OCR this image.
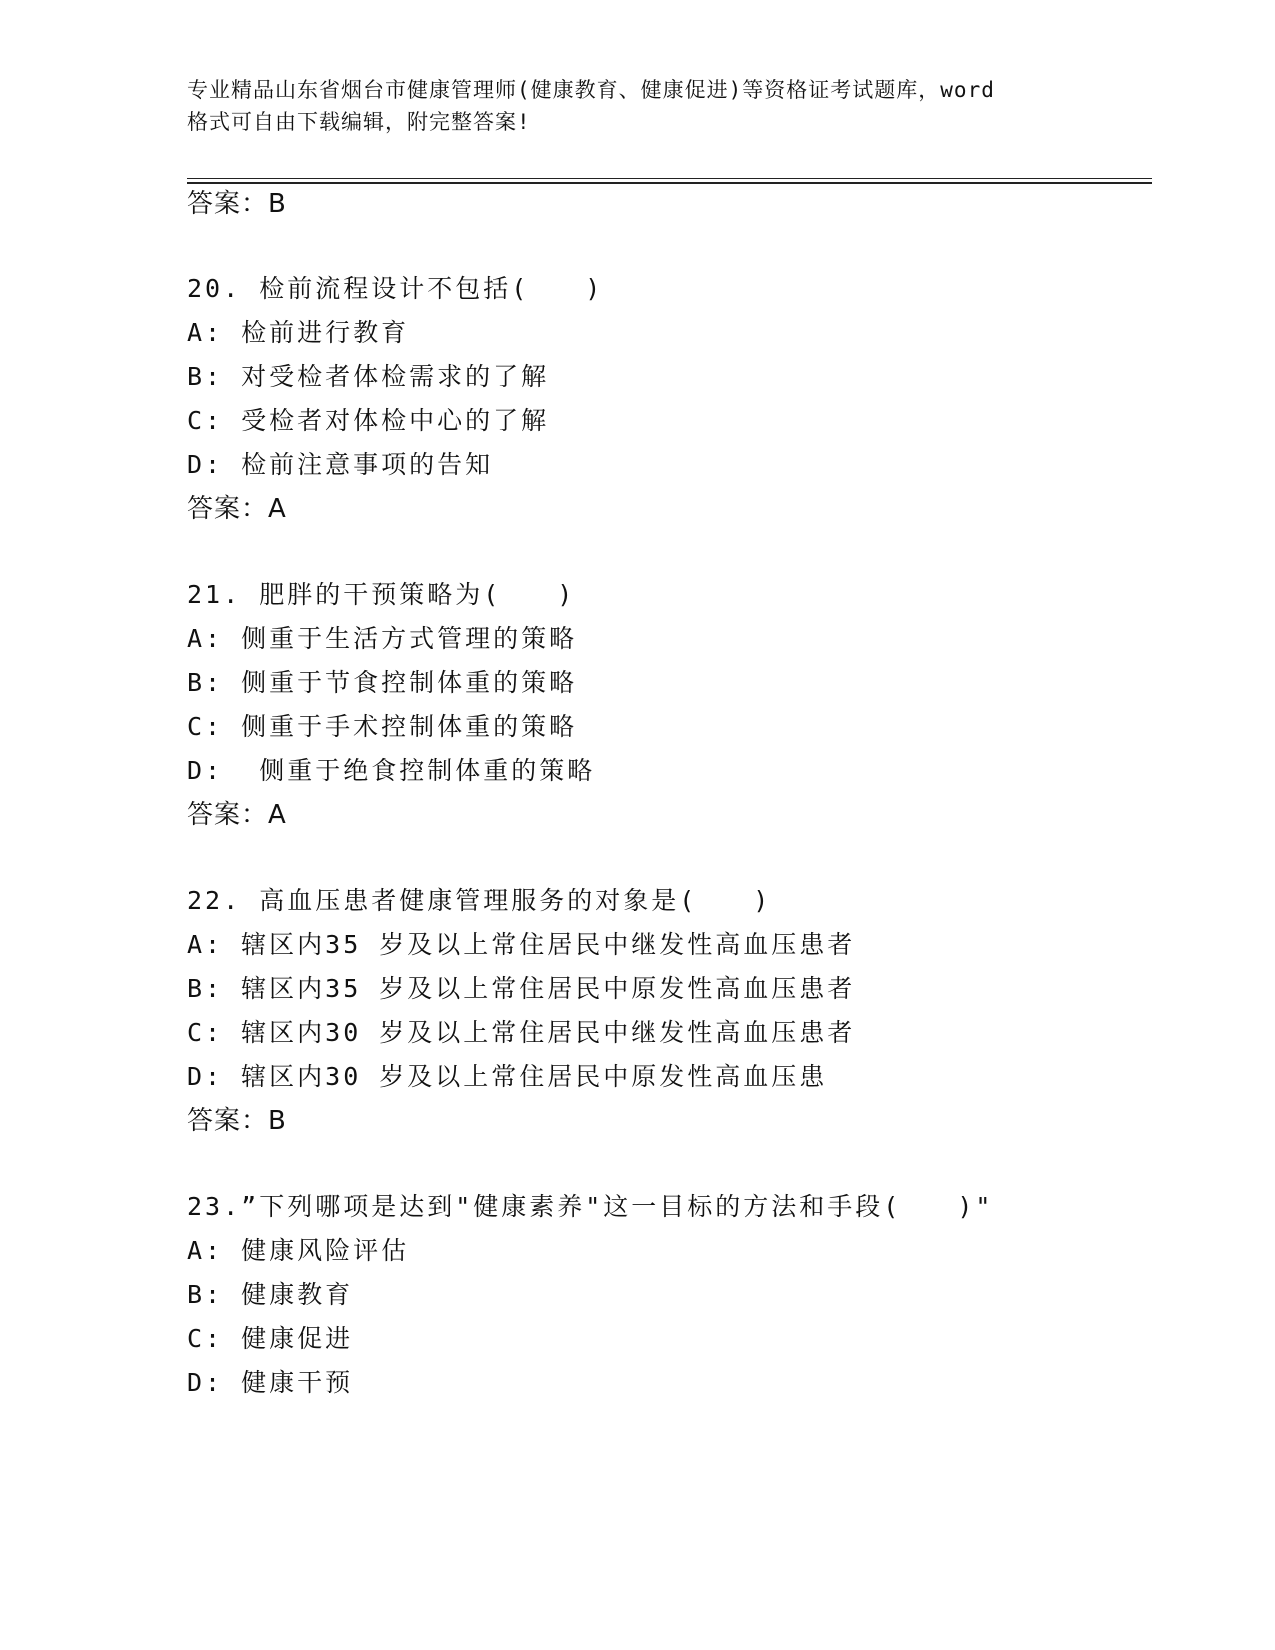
专业精品山东省烟台市健康管理师(健康教育、健康促进)等资格证考试题库，word
格式可自由下载编辑，附完整答案!
答案：B
20. 检前流程设计不包括(　　)
A: 检前进行教育
B: 对受检者体检需求的了解
C: 受检者对体检中心的了解
D: 检前注意事项的告知
答案：A
21. 肥胖的干预策略为(　　)
A: 侧重于生活方式管理的策略
B: 侧重于节食控制体重的策略
C: 侧重于手术控制体重的策略
D:  侧重于绝食控制体重的策略
答案：A
22. 高血压患者健康管理服务的对象是(　　)
A: 辖区内35 岁及以上常住居民中继发性高血压患者
B: 辖区内35 岁及以上常住居民中原发性高血压患者
C: 辖区内30 岁及以上常住居民中继发性高血压患者
D: 辖区内30 岁及以上常住居民中原发性高血压患
答案：B
23.”下列哪项是达到"健康素养"这一目标的方法和手段(　　)"
A: 健康风险评估
B: 健康教育
C: 健康促进
D: 健康干预
